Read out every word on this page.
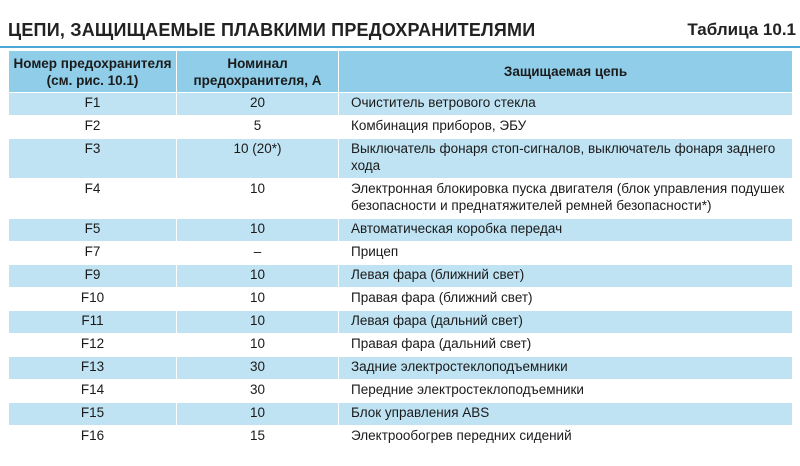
ЦЕПИ, ЗАЩИЩАЕМЫЕ ПЛАВКИМИ ПРЕДОХРАНИТЕЛЯМИ	Таблица 10.1
Номер предохранителя (см. рис. 10.1)	Номинал предохранителя, А	Защищаемая цепь
F1	20	Очиститель ветрового стекла
F2	5	Комбинация приборов, ЭБУ
F3	10 (20*)	Выключатель фонаря стоп-сигналов, выключатель фонаря заднего хода
F4	10	Электронная блокировка пуска двигателя (блок управления подушек безопасности и преднатяжителей ремней безопасности*)
F5	10	Автоматическая коробка передач
F7	–	Прицеп
F9	10	Левая фара (ближний свет)
F10	10	Правая фара (ближний свет)
F11	10	Левая фара (дальний свет)
F12	10	Правая фара (дальний свет)
F13	30	Задние электростеклоподъемники
F14	30	Передние электростеклоподъемники
F15	10	Блок управления ABS
F16	15	Электрообогрев передних сидений
